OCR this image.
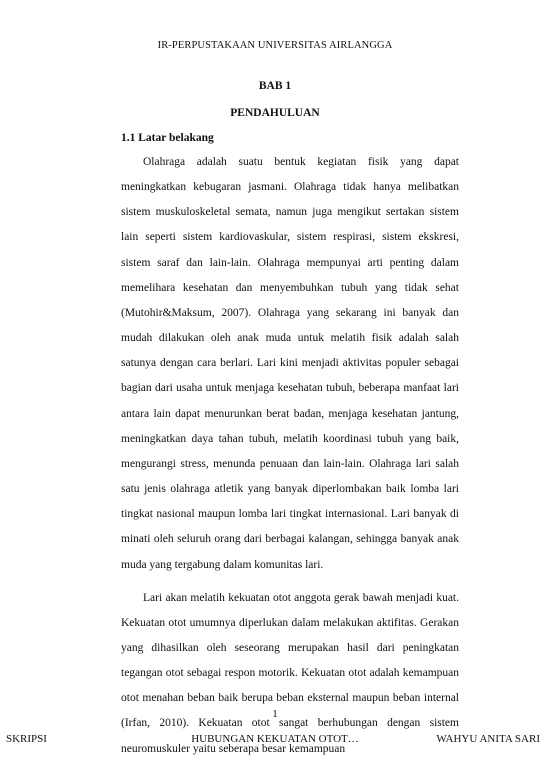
IR-PERPUSTAKAAN UNIVERSITAS AIRLANGGA
BAB 1
PENDAHULUAN
1.1 Latar belakang

Olahraga adalah suatu bentuk kegiatan fisik yang dapat meningkatkan kebugaran jasmani. Olahraga tidak hanya melibatkan sistem muskuloskeletal semata, namun juga mengikut sertakan sistem lain seperti sistem kardiovaskular, sistem respirasi, sistem ekskresi, sistem saraf dan lain-lain. Olahraga mempunyai arti penting dalam memelihara kesehatan dan menyembuhkan tubuh yang tidak sehat (Mutohir&Maksum, 2007). Olahraga yang sekarang ini banyak dan mudah dilakukan oleh anak muda untuk melatih fisik adalah salah satunya dengan cara berlari. Lari kini menjadi aktivitas populer sebagai bagian dari usaha untuk menjaga kesehatan tubuh, beberapa manfaat lari antara lain dapat menurunkan berat badan, menjaga kesehatan jantung, meningkatkan daya tahan tubuh, melatih koordinasi tubuh yang baik, mengurangi stress, menunda penuaan dan lain-lain. Olahraga lari salah satu jenis olahraga atletik yang banyak diperlombakan baik lomba lari tingkat nasional maupun lomba lari tingkat internasional. Lari banyak di minati oleh seluruh orang dari berbagai kalangan, sehingga banyak anak muda yang tergabung dalam komunitas lari.

Lari akan melatih kekuatan otot anggota gerak bawah menjadi kuat. Kekuatan otot umumnya diperlukan dalam melakukan aktifitas. Gerakan yang dihasilkan oleh seseorang merupakan hasil dari peningkatan tegangan otot sebagai respon motorik. Kekuatan otot adalah kemampuan otot menahan beban baik berupa beban eksternal maupun beban internal (Irfan, 2010). Kekuatan otot sangat berhubungan dengan sistem neuromuskuler yaitu seberapa besar kemampuan

1
SKRIPSI	HUBUNGAN KEKUATAN OTOT…	WAHYU ANITA SARI
